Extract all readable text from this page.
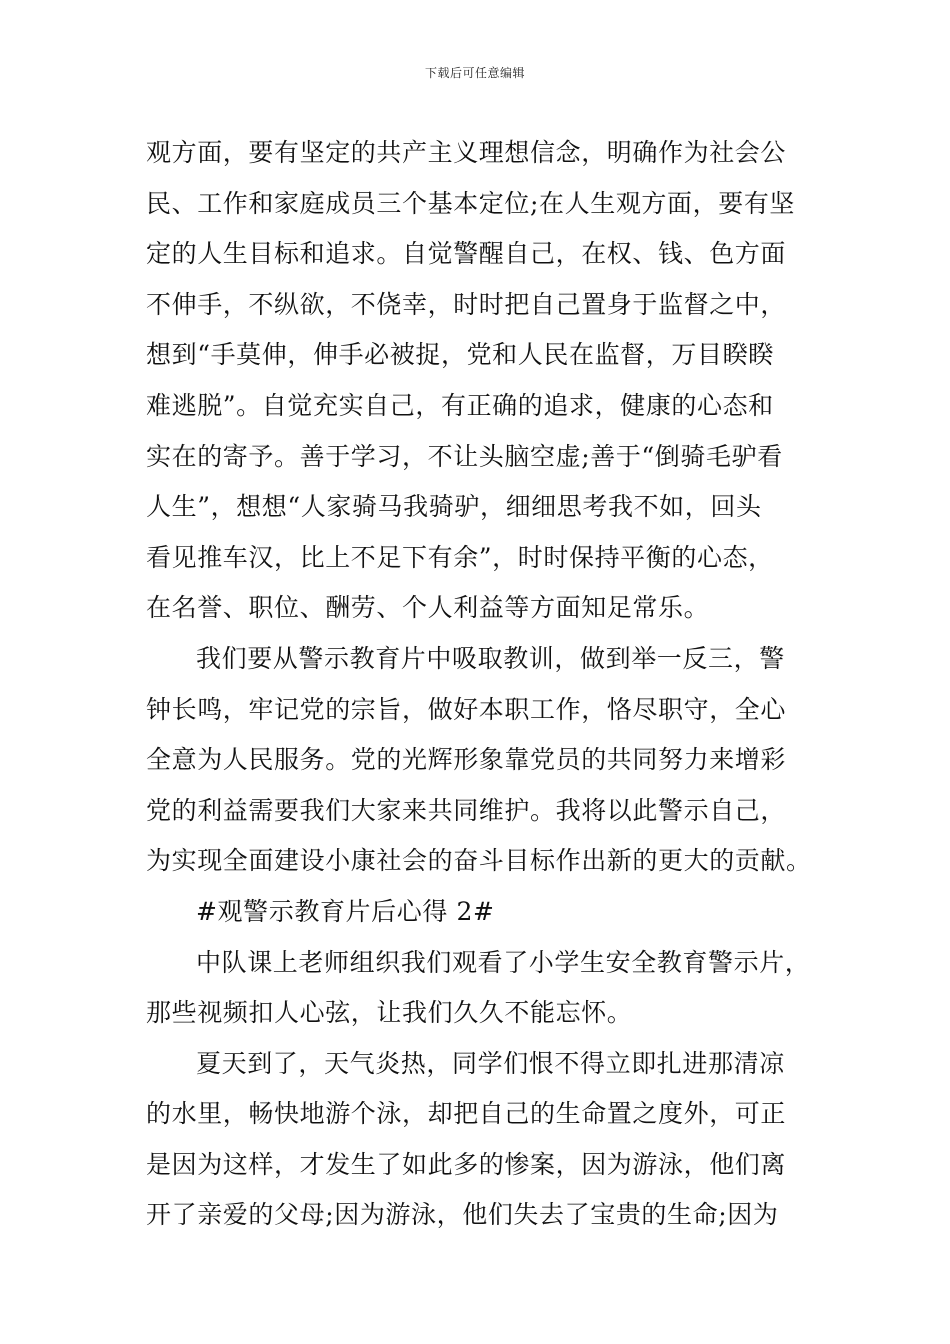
下载后可任意编辑
观方面，要有坚定的共产主义理想信念，明确作为社会公
民、工作和家庭成员三个基本定位;在人生观方面，要有坚
定的人生目标和追求。自觉警醒自己，在权、钱、色方面
不伸手，不纵欲，不侥幸，时时把自己置身于监督之中，
想到“手莫伸，伸手必被捉，党和人民在监督，万目睽睽
难逃脱”。自觉充实自己，有正确的追求，健康的心态和
实在的寄予。善于学习，不让头脑空虚;善于“倒骑毛驴看
人生”，想想“人家骑马我骑驴，细细思考我不如，回头
看见推车汉，比上不足下有余”，时时保持平衡的心态，
在名誉、职位、酬劳、个人利益等方面知足常乐。
我们要从警示教育片中吸取教训，做到举一反三，警
钟长鸣，牢记党的宗旨，做好本职工作，恪尽职守，全心
全意为人民服务。党的光辉形象靠党员的共同努力来增彩
党的利益需要我们大家来共同维护。我将以此警示自己，
为实现全面建设小康社会的奋斗目标作出新的更大的贡献。
#观警示教育片后心得 2#
中队课上老师组织我们观看了小学生安全教育警示片，
那些视频扣人心弦，让我们久久不能忘怀。
夏天到了，天气炎热，同学们恨不得立即扎进那清凉
的水里，畅快地游个泳，却把自己的生命置之度外，可正
是因为这样，才发生了如此多的惨案，因为游泳，他们离
开了亲爱的父母;因为游泳，他们失去了宝贵的生命;因为
